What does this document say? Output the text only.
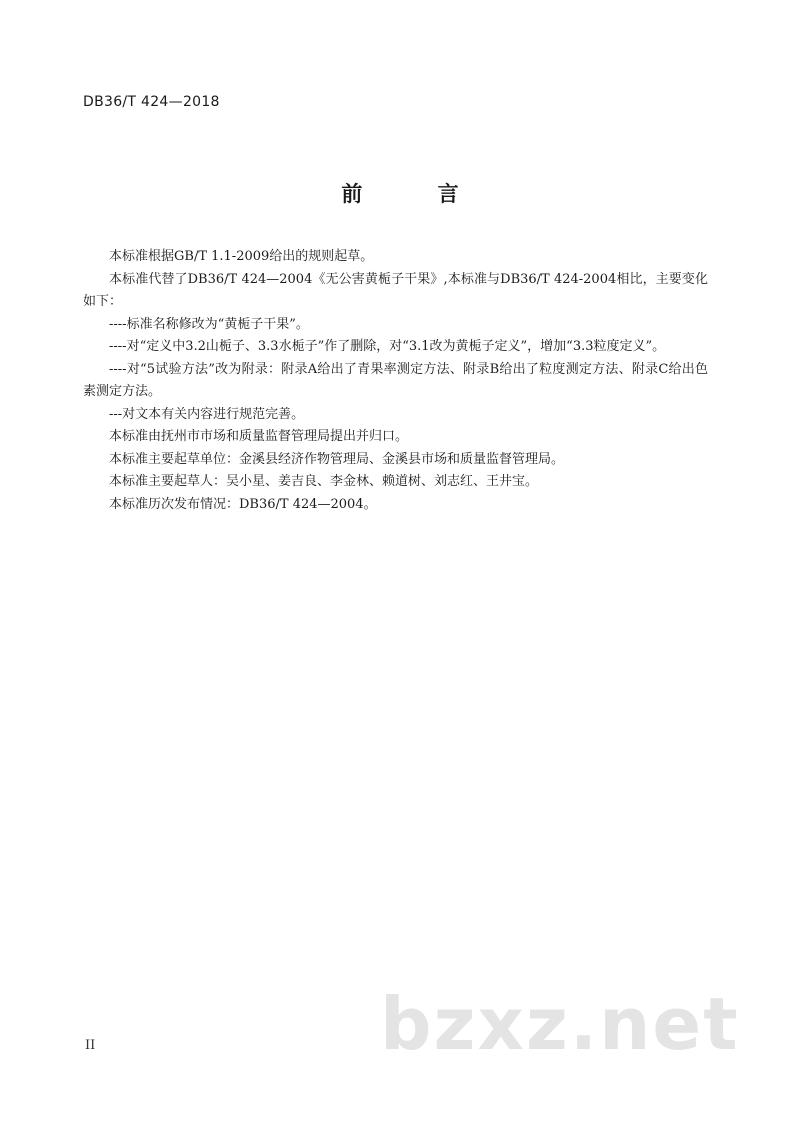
DB36/T 424—2018
前 言

本标准根据GB/T 1.1-2009给出的规则起草。

本标准代替了DB36/T 424—2004《无公害黄栀子干果》,本标准与DB36/T 424-2004相比，主要变化如下：

----标准名称修改为“黄栀子干果”。

----对“定义中3.2山栀子、3.3水栀子”作了删除，对“3.1改为黄栀子定义”，增加“3.3粒度定义”。

----对“5试验方法”改为附录：附录A给出了青果率测定方法、附录B给出了粒度测定方法、附录C给出色素测定方法。

---对文本有关内容进行规范完善。

本标准由抚州市市场和质量监督管理局提出并归口。

本标准主要起草单位：金溪县经济作物管理局、金溪县市场和质量监督管理局。

本标准主要起草人：吴小星、姜吉良、李金林、赖道树、刘志红、王井宝。

本标准历次发布情况：DB36/T 424—2004。

II	bzxz.net
